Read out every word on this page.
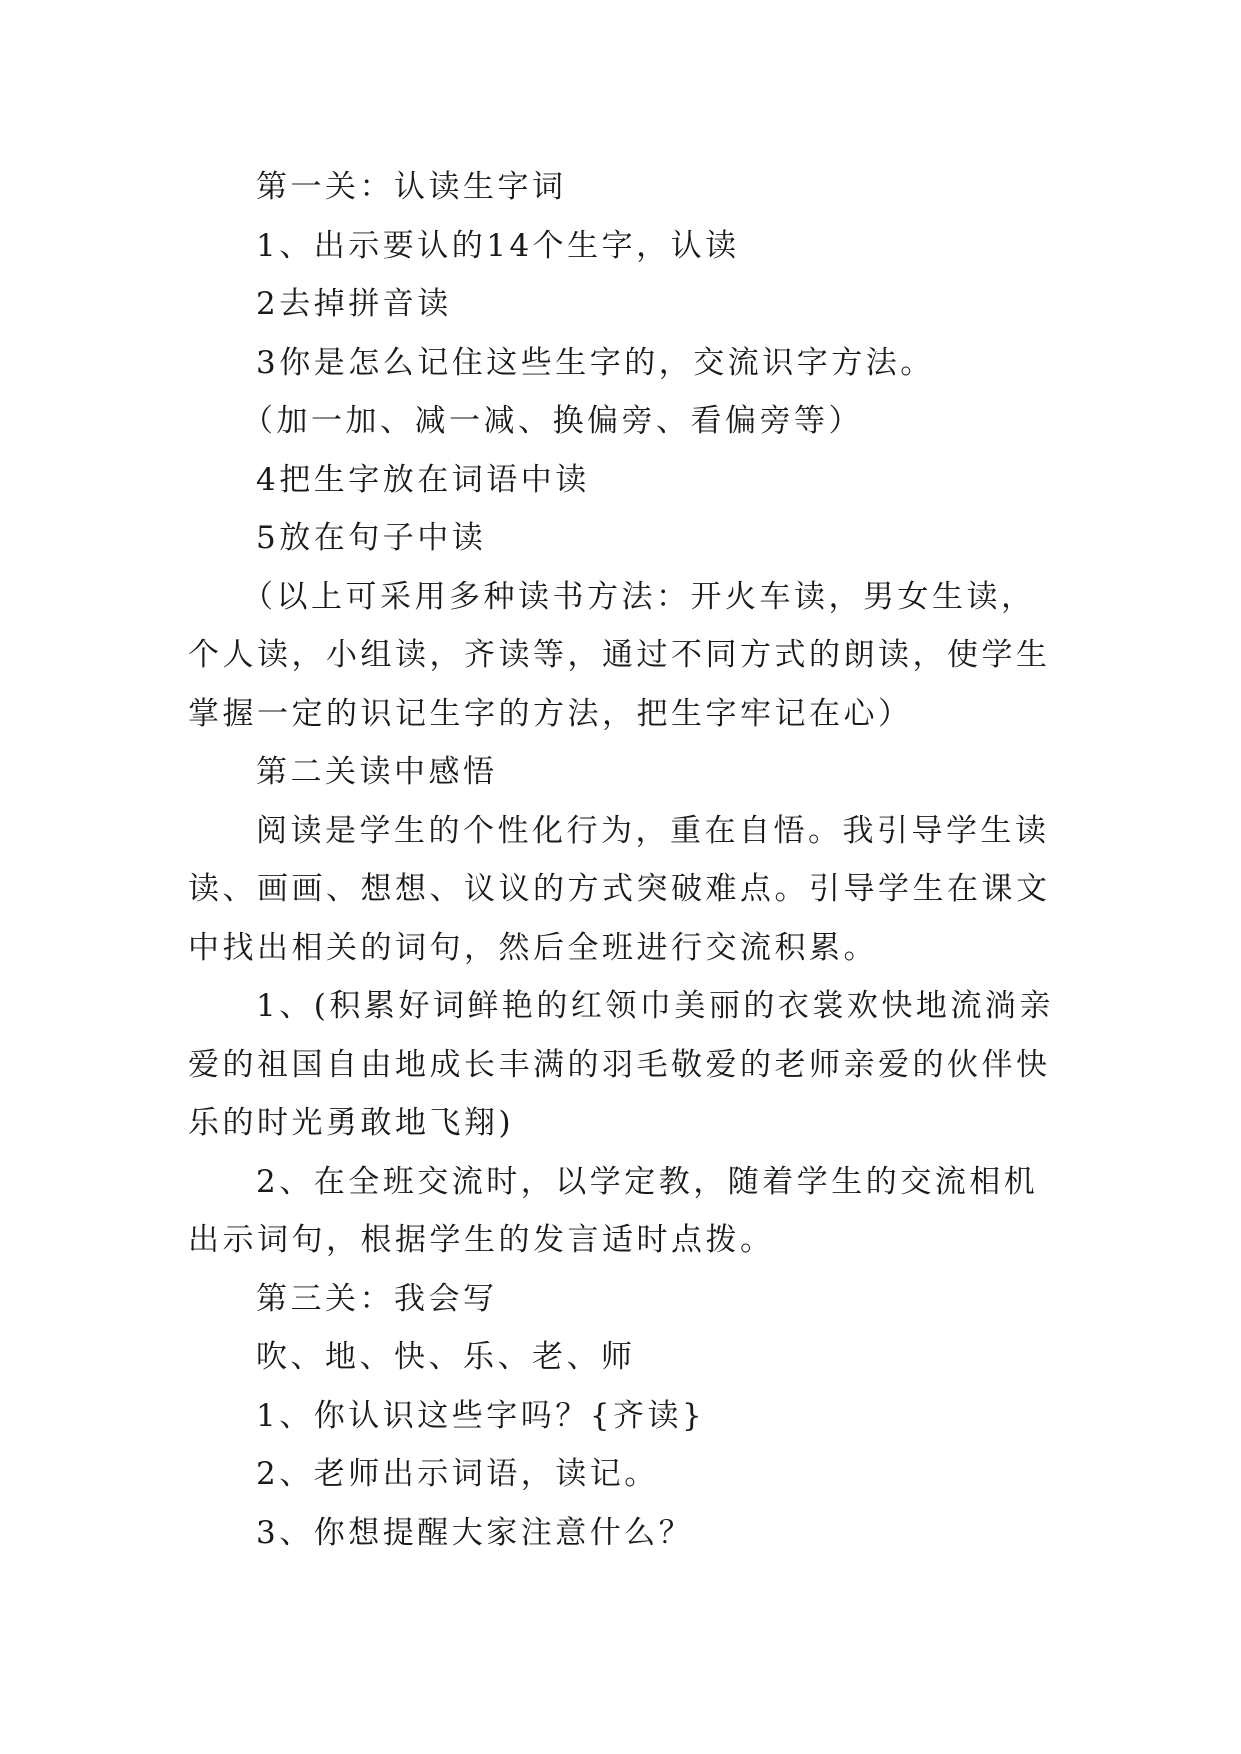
第一关：认读生字词

1、出示要认的14个生字，认读

2去掉拼音读

3你是怎么记住这些生字的，交流识字方法。

（加一加、减一减、换偏旁、看偏旁等）

4把生字放在词语中读

5放在句子中读

（以上可采用多种读书方法：开火车读，男女生读，个人读，小组读，齐读等，通过不同方式的朗读，使学生掌握一定的识记生字的方法，把生字牢记在心）

第二关读中感悟

阅读是学生的个性化行为，重在自悟。我引导学生读读、画画、想想、议议的方式突破难点。引导学生在课文中找出相关的词句，然后全班进行交流积累。

1、(积累好词鲜艳的红领巾美丽的衣裳欢快地流淌亲爱的祖国自由地成长丰满的羽毛敬爱的老师亲爱的伙伴快乐的时光勇敢地飞翔)

2、在全班交流时，以学定教，随着学生的交流相机出示词句，根据学生的发言适时点拨。

第三关：我会写

吹、地、快、乐、老、师

1、你认识这些字吗？{齐读}

2、老师出示词语，读记。

3、你想提醒大家注意什么？
